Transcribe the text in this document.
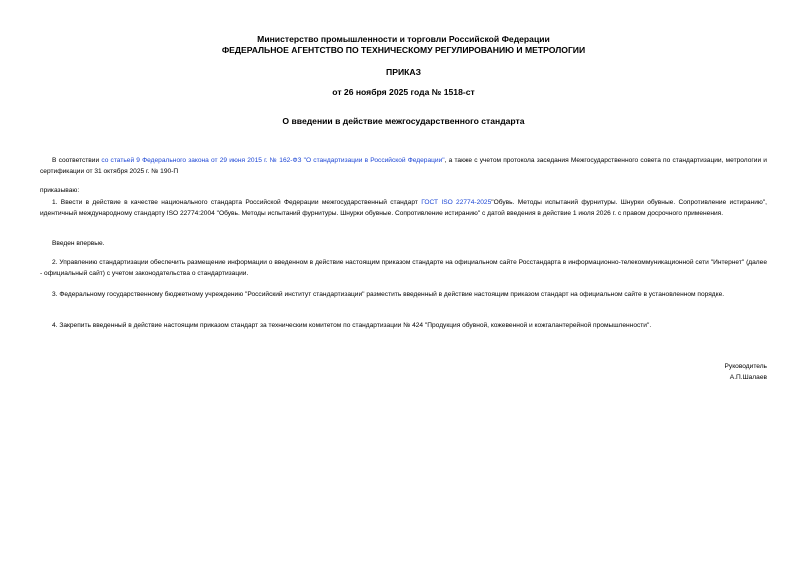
Министерство промышленности и торговли Российской Федерации
ФЕДЕРАЛЬНОЕ АГЕНТСТВО ПО ТЕХНИЧЕСКОМУ РЕГУЛИРОВАНИЮ И МЕТРОЛОГИИ
ПРИКАЗ
от 26 ноября 2025 года № 1518-ст
О введении в действие межгосударственного стандарта
В соответствии со статьей 9 Федерального закона от 29 июня 2015 г. № 162-ФЗ "О стандартизации в Российской Федерации", а также с учетом протокола заседания Межгосударственного совета по стандартизации, метрологии и сертификации от 31 октября 2025 г. № 190-П
приказываю:
1. Ввести в действие в качестве национального стандарта Российской Федерации межгосударственный стандарт ГОСТ ISO 22774-2025"Обувь. Методы испытаний фурнитуры. Шнурки обувные. Сопротивление истиранию", идентичный международному стандарту ISO 22774:2004 "Обувь. Методы испытаний фурнитуры. Шнурки обувные. Сопротивление истиранию" с датой введения в действие 1 июля 2026 г. с правом досрочного применения.
Введен впервые.
2. Управлению стандартизации обеспечить размещение информации о введенном в действие настоящим приказом стандарте на официальном сайте Росстандарта в информационно-телекоммуникационной сети "Интернет" (далее - официальный сайт) с учетом законодательства о стандартизации.
3. Федеральному государственному бюджетному учреждению "Российский институт стандартизации" разместить введенный в действие настоящим приказом стандарт на официальном сайте в установленном порядке.
4. Закрепить введенный в действие настоящим приказом стандарт за техническим комитетом по стандартизации № 424 "Продукция обувной, кожевенной и кожгалантерейной промышленности".
Руководитель
А.П.Шалаев
